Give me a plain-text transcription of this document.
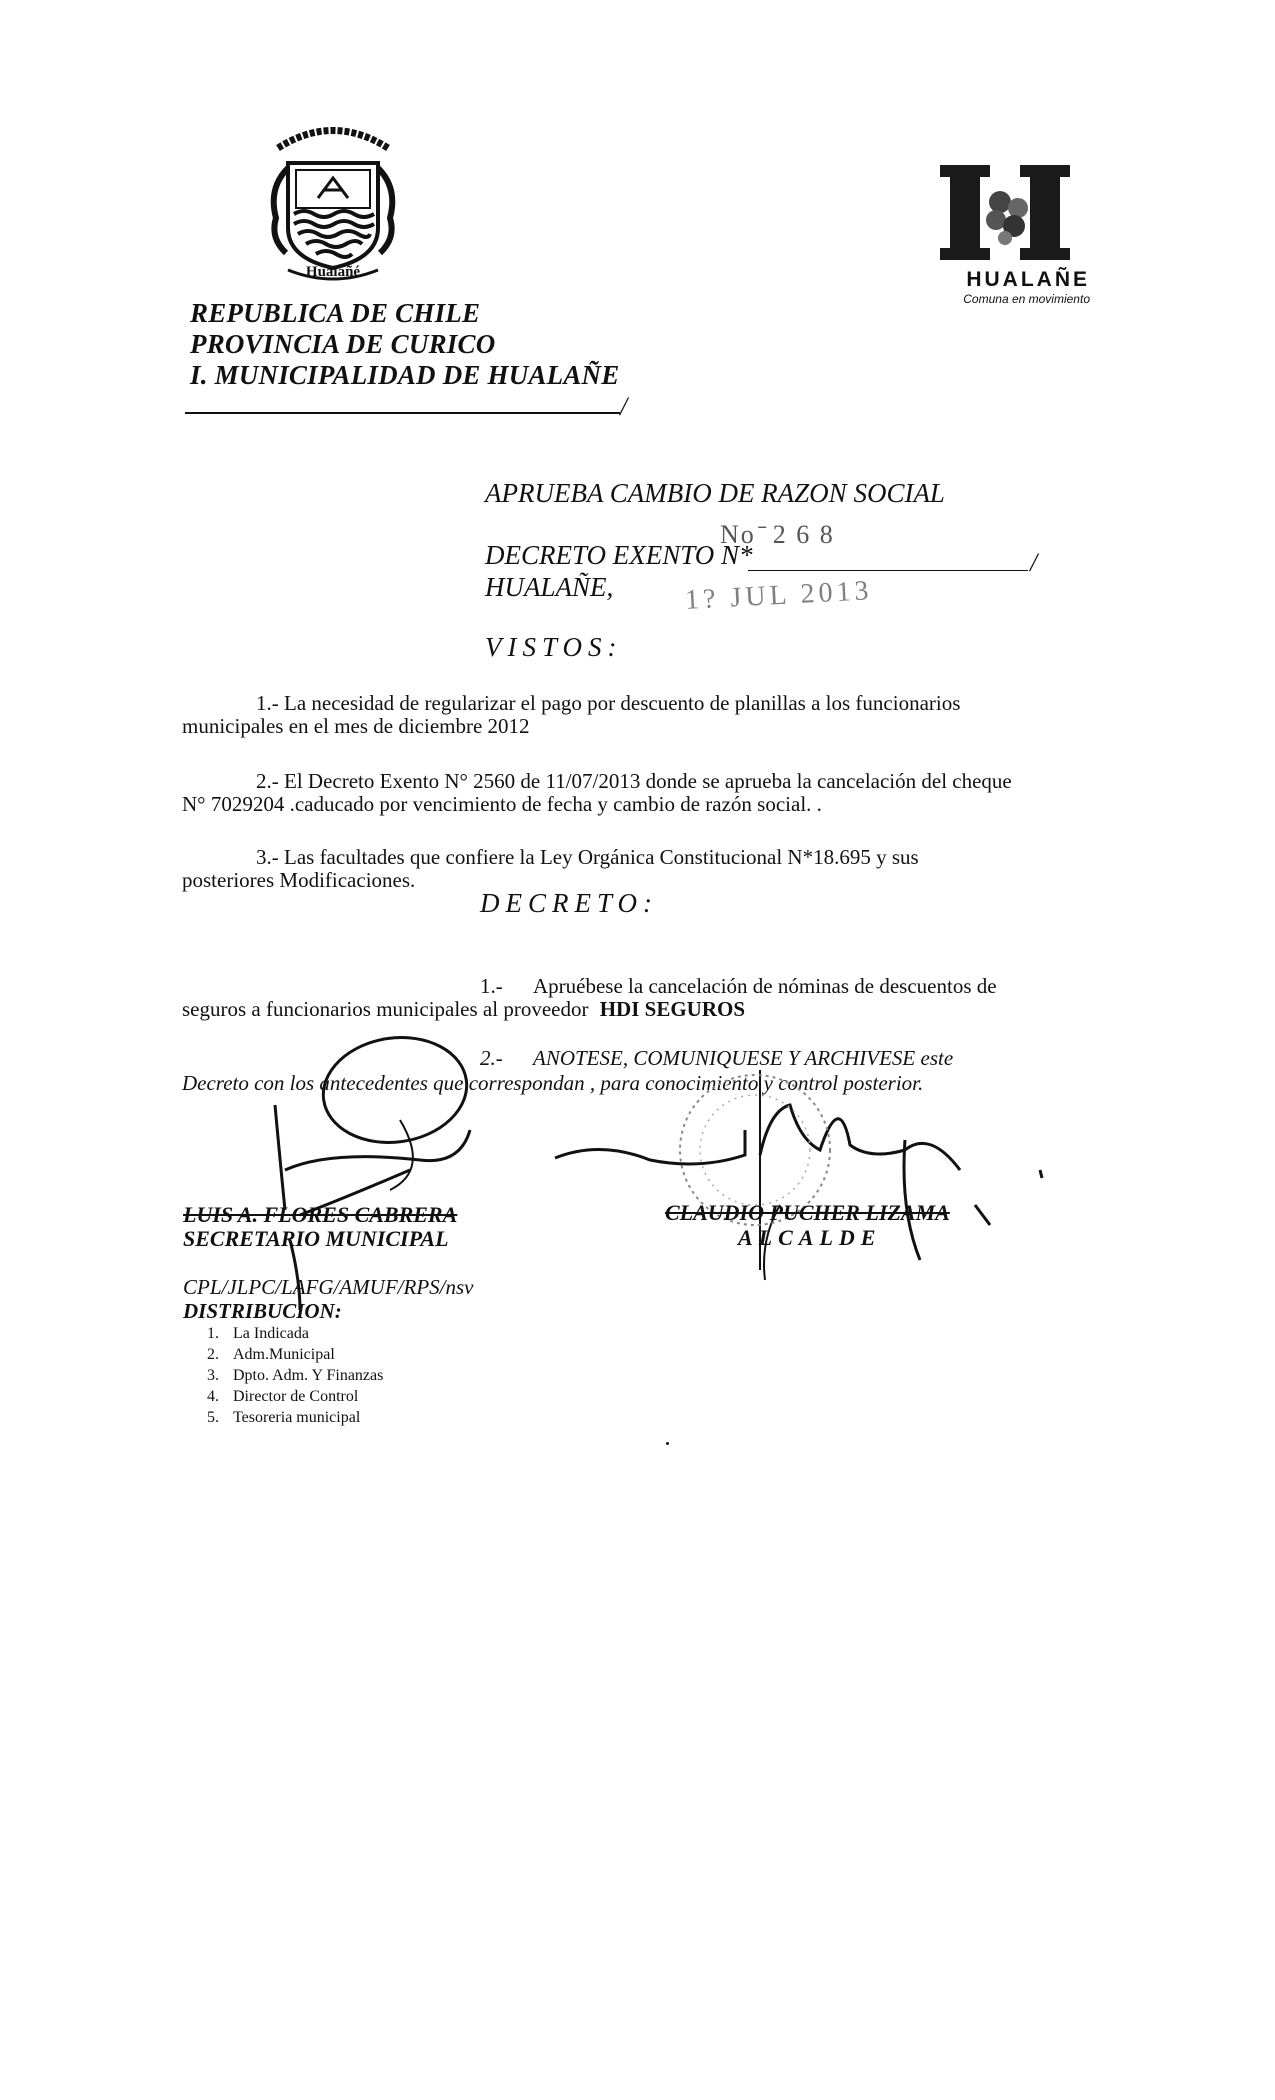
Hualañé	HUALAÑE
Comuna en movimiento
REPUBLICA DE CHILE
PROVINCIA DE CURICO
I. MUNICIPALIDAD DE HUALAÑE
/
APRUEBA CAMBIO DE RAZON SOCIAL
DECRETO EXENTO N*
No ̄ 2 6 8
/
HUALAÑE,	1? JUL 2013
VISTOS:
1.- La necesidad de regularizar el pago por descuento de planillas a los funcionarios
municipales en el mes de diciembre 2012
2.- El Decreto Exento N° 2560 de 11/07/2013 donde se aprueba la cancelación del cheque
N° 7029204 .caducado por vencimiento de fecha y cambio de razón social. .
3.- Las facultades que confiere la Ley Orgánica Constitucional N*18.695 y sus
posteriores Modificaciones.
DECRETO:
1.- Apruébese la cancelación de nóminas de descuentos de
seguros a funcionarios municipales al proveedor HDI SEGUROS
2.- ANOTESE, COMUNIQUESE Y ARCHIVESE este
Decreto con los antecedentes que correspondan , para conocimiento y control posterior.
LUIS A. FLORES CABRERA
SECRETARIO MUNICIPAL
CLAUDIO PUCHER LIZAMA
ALCALDE
CPL/JLPC/LAFG/AMUF/RPS/nsv
DISTRIBUCION:
1. La Indicada
2. Adm.Municipal
3. Dpto. Adm. Y Finanzas
4. Director de Control
5. Tesoreria municipal
